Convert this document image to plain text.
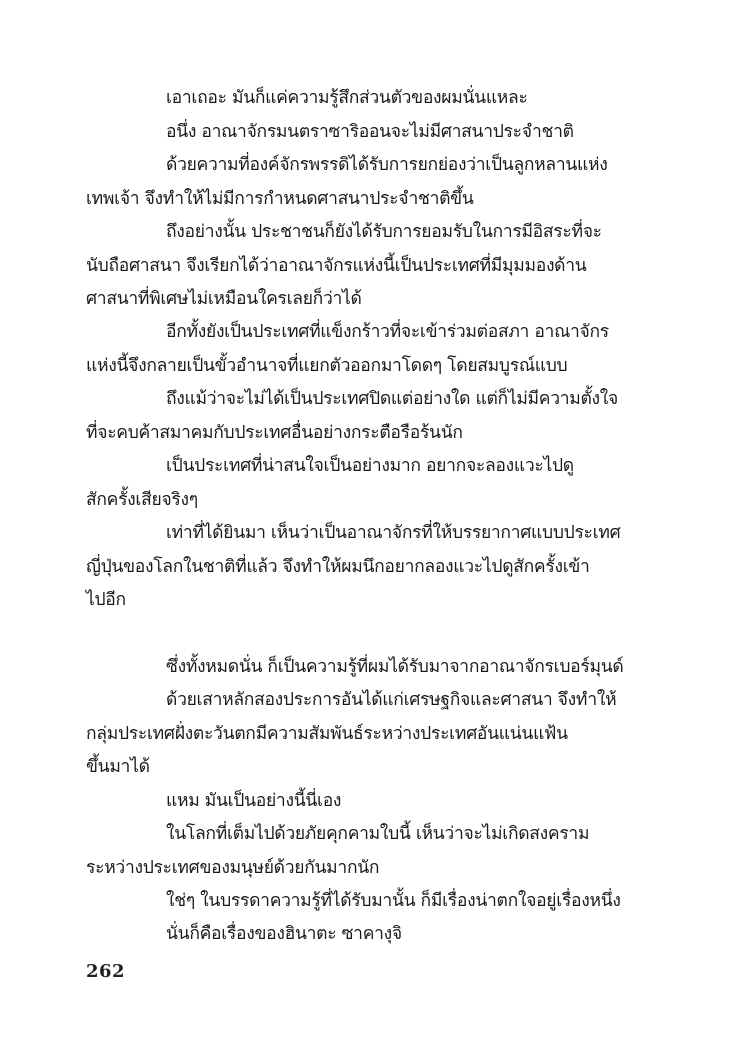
เอาเถอะ มันก็แค่ความรู้สึกส่วนตัวของผมนั่นแหละ
อนึ่ง อาณาจักรมนตราซาริออนจะไม่มีศาสนาประจำชาติ
ด้วยความที่องค์จักรพรรดิได้รับการยกย่องว่าเป็นลูกหลานแห่ง
เทพเจ้า จึงทำให้ไม่มีการกำหนดศาสนาประจำชาติขึ้น
ถึงอย่างนั้น ประชาชนก็ยังได้รับการยอมรับในการมีอิสระที่จะ
นับถือศาสนา จึงเรียกได้ว่าอาณาจักรแห่งนี้เป็นประเทศที่มีมุมมองด้าน
ศาสนาที่พิเศษไม่เหมือนใครเลยก็ว่าได้
อีกทั้งยังเป็นประเทศที่แข็งกร้าวที่จะเข้าร่วมต่อสภา อาณาจักร
แห่งนี้จึงกลายเป็นขั้วอำนาจที่แยกตัวออกมาโดดๆ โดยสมบูรณ์แบบ
ถึงแม้ว่าจะไม่ได้เป็นประเทศปิดแต่อย่างใด แต่ก็ไม่มีความตั้งใจ
ที่จะคบค้าสมาคมกับประเทศอื่นอย่างกระตือรือร้นนัก
เป็นประเทศที่น่าสนใจเป็นอย่างมาก อยากจะลองแวะไปดู
สักครั้งเสียจริงๆ
เท่าที่ได้ยินมา เห็นว่าเป็นอาณาจักรที่ให้บรรยากาศแบบประเทศ
ญี่ปุ่นของโลกในชาติที่แล้ว จึงทำให้ผมนึกอยากลองแวะไปดูสักครั้งเข้า
ไปอีก
ซึ่งทั้งหมดนั่น ก็เป็นความรู้ที่ผมได้รับมาจากอาณาจักรเบอร์มุนด์
ด้วยเสาหลักสองประการอันได้แก่เศรษฐกิจและศาสนา จึงทำให้
กลุ่มประเทศฝั่งตะวันตกมีความสัมพันธ์ระหว่างประเทศอันแน่นแฟ้น
ขึ้นมาได้
แหม มันเป็นอย่างนี้นี่เอง
ในโลกที่เต็มไปด้วยภัยคุกคามใบนี้ เห็นว่าจะไม่เกิดสงคราม
ระหว่างประเทศของมนุษย์ด้วยกันมากนัก
ใช่ๆ ในบรรดาความรู้ที่ได้รับมานั้น ก็มีเรื่องน่าตกใจอยู่เรื่องหนึ่ง
นั่นก็คือเรื่องของฮินาตะ ซาคางุจิ
262
